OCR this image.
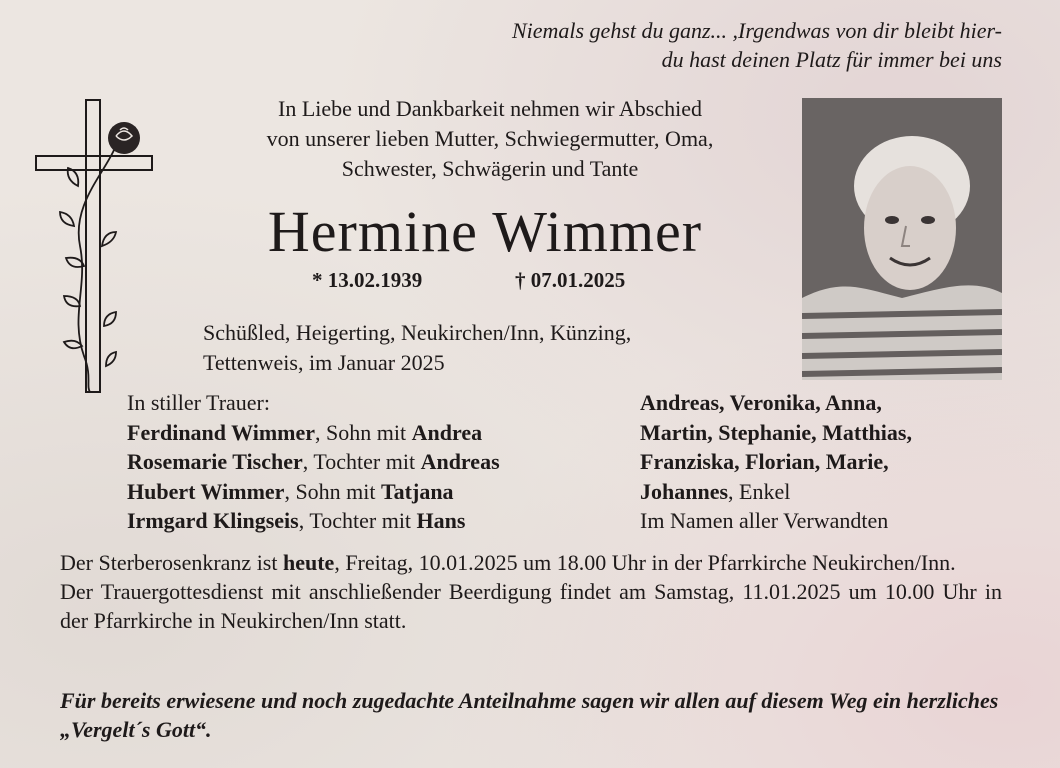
Niemals gehst du ganz... ,Irgendwas von dir bleibt hier-
du hast deinen Platz für immer bei uns
In Liebe und Dankbarkeit nehmen wir Abschied
von unserer lieben Mutter, Schwiegermutter, Oma,
Schwester, Schwägerin und Tante
Hermine Wimmer
* 13.02.1939	† 07.01.2025
Schüßled, Heigerting, Neukirchen/Inn, Künzing,
Tettenweis, im Januar 2025
In stiller Trauer:
Ferdinand Wimmer, Sohn mit Andrea
Rosemarie Tischer, Tochter mit Andreas
Hubert Wimmer, Sohn mit Tatjana
Irmgard Klingseis, Tochter mit Hans
Andreas, Veronika, Anna,
Martin, Stephanie, Matthias,
Franziska, Florian, Marie,
Johannes, Enkel
Im Namen aller Verwandten
Der Sterberosenkranz ist heute, Freitag, 10.01.2025 um 18.00 Uhr in der Pfarrkirche Neukirchen/Inn.
Der Trauergottesdienst mit anschließender Beerdigung findet am Samstag, 11.01.2025 um 10.00 Uhr in der Pfarrkirche in Neukirchen/Inn statt.
Für bereits erwiesene und noch zugedachte Anteilnahme sagen wir allen auf diesem Weg ein herzliches „Vergelt´s Gott“.
